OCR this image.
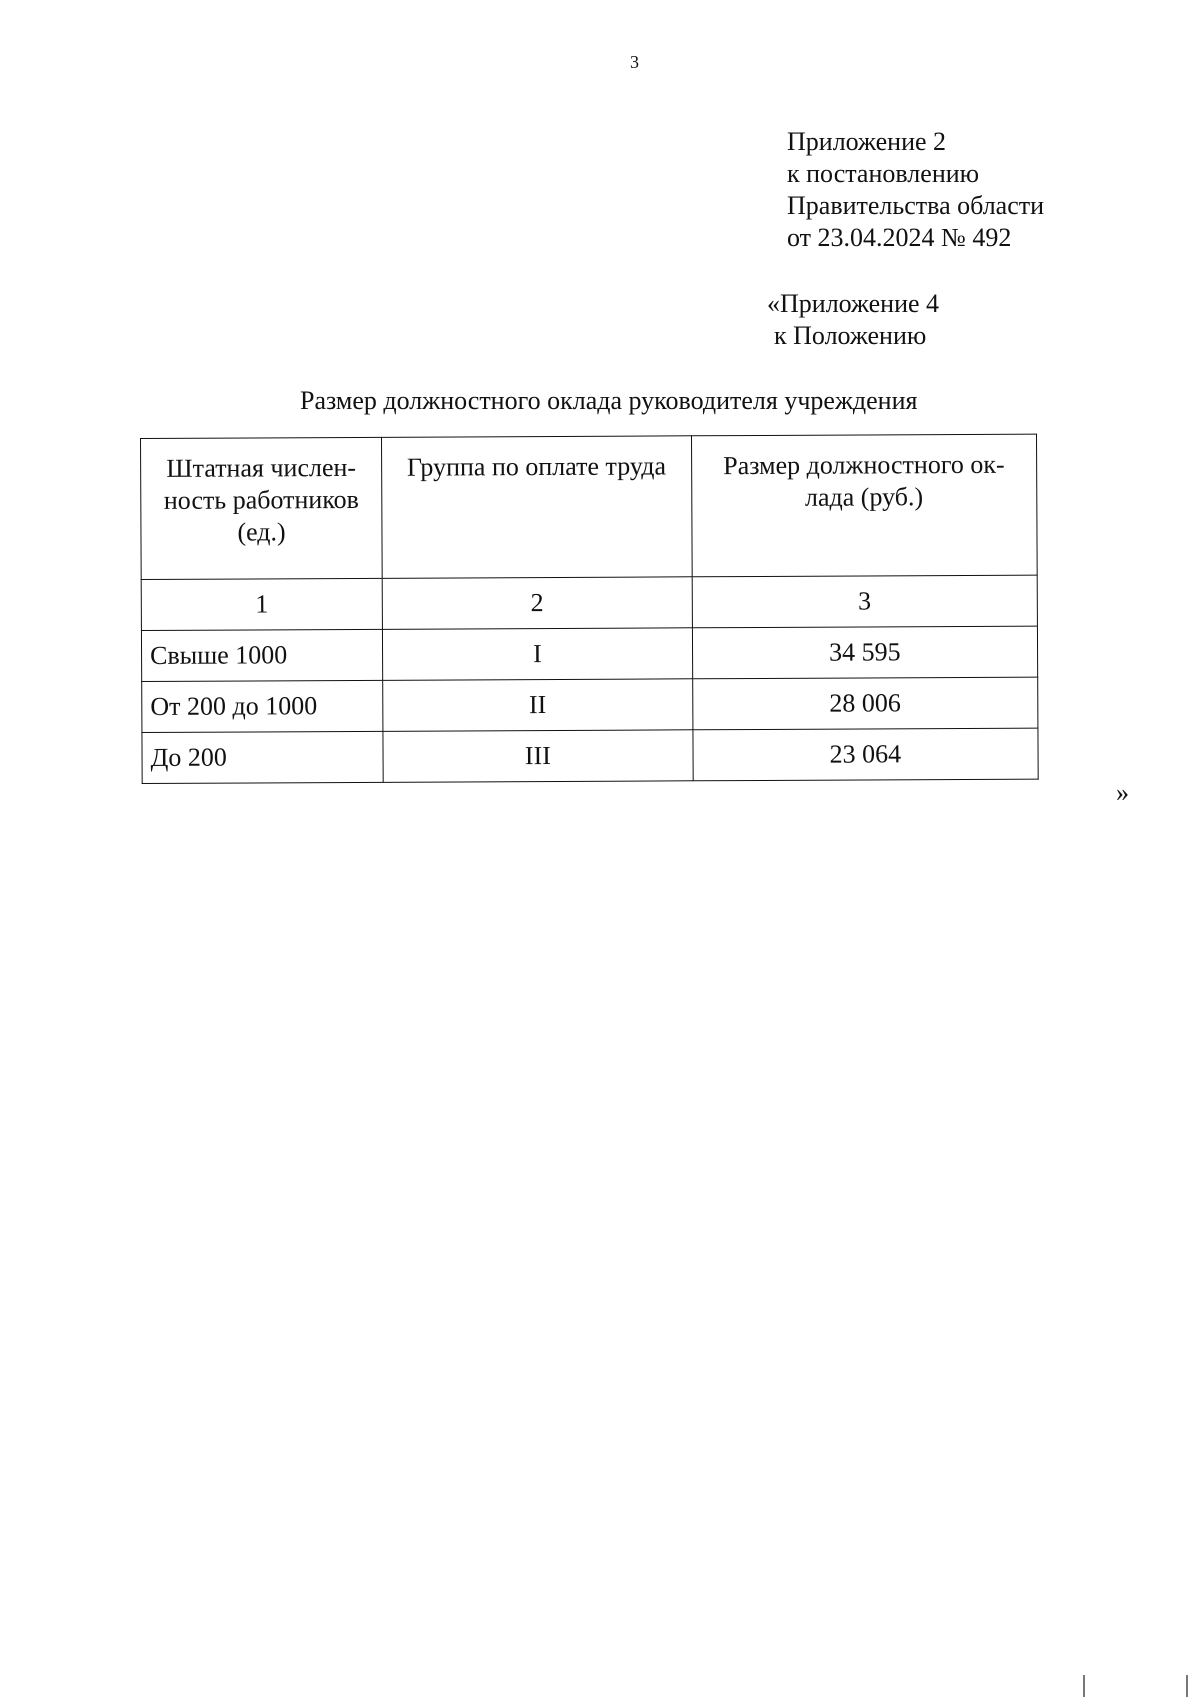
3
Приложение 2
к постановлению
Правительства области
от 23.04.2024 № 492
«Приложение 4
к Положению
Размер должностного оклада руководителя учреждения
Штатная числен-ность работников (ед.)	Группа по оплате труда	Размер должностного ок-лада (руб.)
1	2	3
Свыше 1000	I	34 595
От 200 до 1000	II	28 006
До 200	III	23 064
»
